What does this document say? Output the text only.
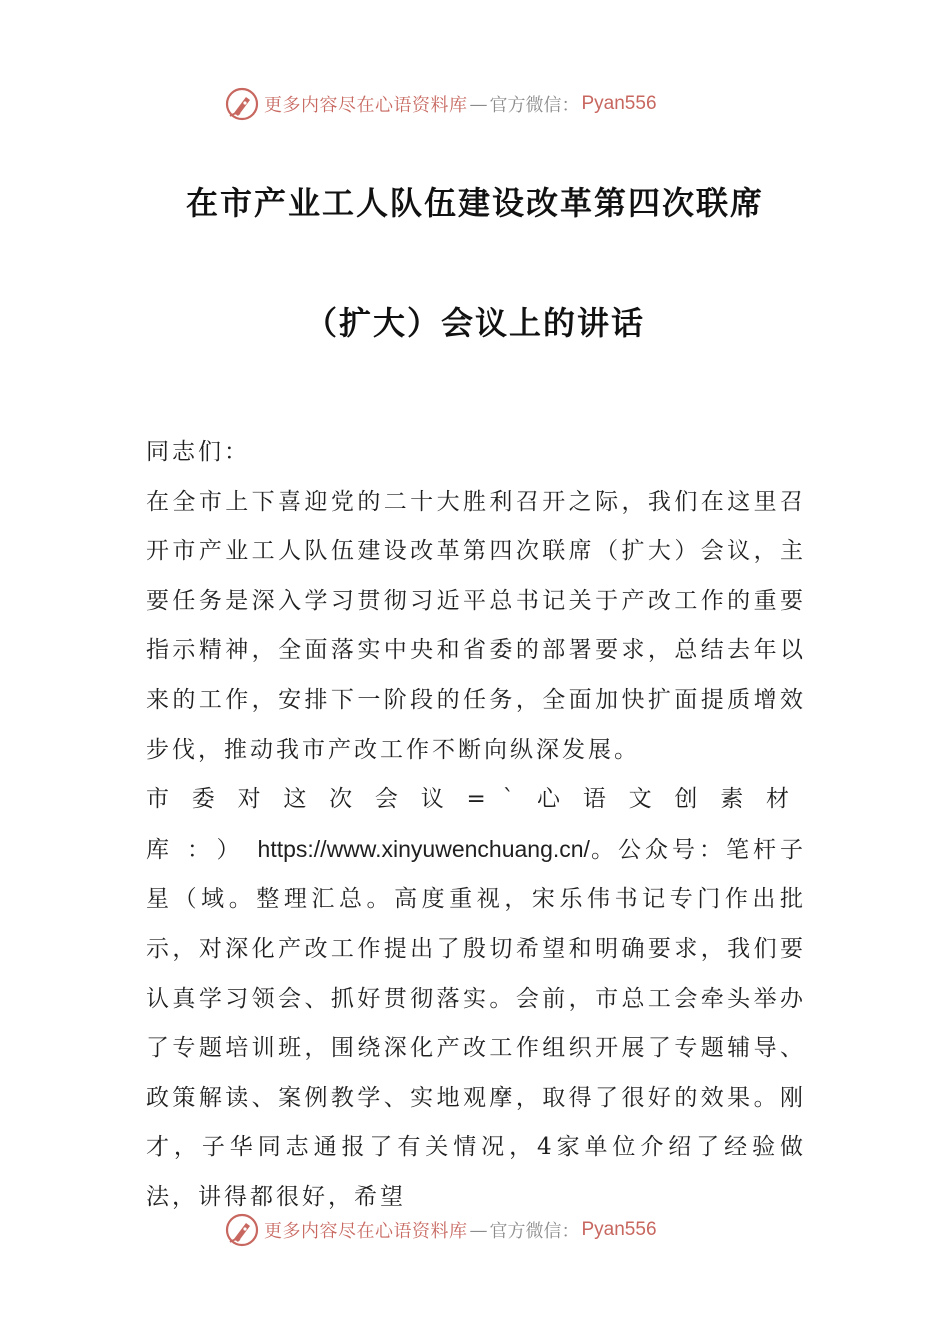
更多内容尽在心语资料库 — 官方微信： Pyan556
在市产业工人队伍建设改革第四次联席
（扩大）会议上的讲话

同志们：

在全市上下喜迎党的二十大胜利召开之际，我们在这里召开市产业工人队伍建设改革第四次联席（扩大）会议，主要任务是深入学习贯彻习近平总书记关于产改工作的重要指示精神，全面落实中央和省委的部署要求，总结去年以来的工作，安排下一阶段的任务，全面加快扩面提质增效步伐，推动我市产改工作不断向纵深发展。

市委对这次会议=`心语文创素材库：）https://www.xinyuwenchuang.cn/。公众号：笔杆子星（域。整理汇总。高度重视，宋乐伟书记专门作出批示，对深化产改工作提出了殷切希望和明确要求，我们要认真学习领会、抓好贯彻落实。会前，市总工会牵头举办了专题培训班，围绕深化产改工作组织开展了专题辅导、政策解读、案例教学、实地观摩，取得了很好的效果。刚才，子华同志通报了有关情况，4家单位介绍了经验做法，讲得都很好，希望

更多内容尽在心语资料库 — 官方微信： Pyan556
